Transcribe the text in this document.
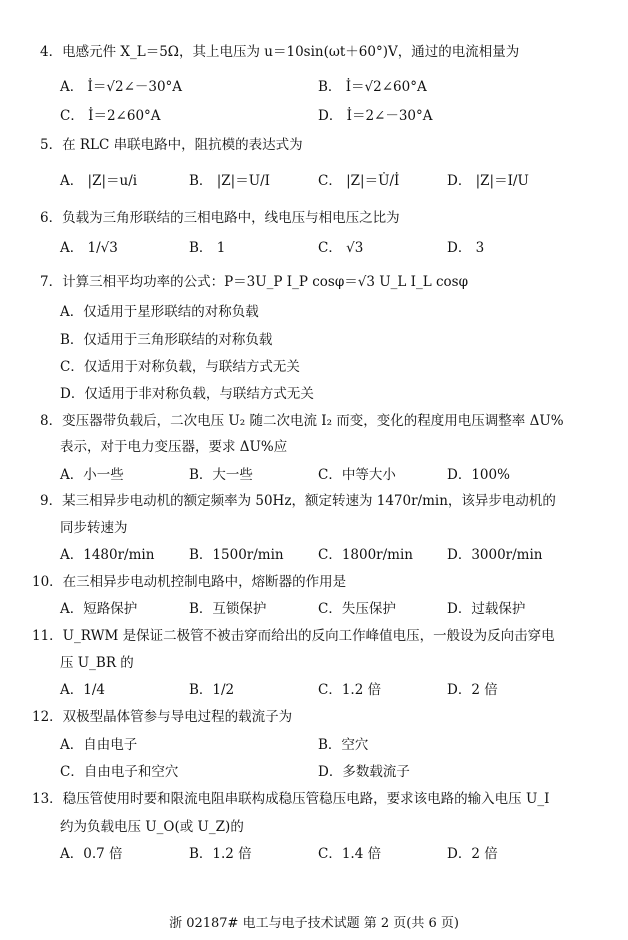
4．电感元件 X_L＝5Ω，其上电压为 u＝10sin(ωt＋60°)V，通过的电流相量为
A． İ＝√2∠－30°A	B． İ＝√2∠60°A
C． İ＝2∠60°A	D． İ＝2∠－30°A
5．在 RLC 串联电路中，阻抗模的表达式为
A． |Z|＝u/i	B． |Z|＝U/I	C． |Z|＝U̇/İ	D． |Z|＝I/U
6．负载为三角形联结的三相电路中，线电压与相电压之比为
A． 1/√3	B． 1	C． √3	D． 3
7．计算三相平均功率的公式：P＝3U_P I_P cosφ＝√3 U_L I_L cosφ
A．仅适用于星形联结的对称负载
B．仅适用于三角形联结的对称负载
C．仅适用于对称负载，与联结方式无关
D．仅适用于非对称负载，与联结方式无关
8．变压器带负载后，二次电压 U₂ 随二次电流 I₂ 而变，变化的程度用电压调整率 ΔU%
表示，对于电力变压器，要求 ΔU%应
A．小一些	B．大一些	C．中等大小	D．100%
9．某三相异步电动机的额定频率为 50Hz，额定转速为 1470r/min，该异步电动机的
同步转速为
A．1480r/min	B．1500r/min	C．1800r/min	D．3000r/min
10．在三相异步电动机控制电路中，熔断器的作用是
A．短路保护	B．互锁保护	C．失压保护	D．过载保护
11．U_RWM 是保证二极管不被击穿而给出的反向工作峰值电压，一般设为反向击穿电
压 U_BR 的
A．1/4	B．1/2	C．1.2 倍	D．2 倍
12．双极型晶体管参与导电过程的载流子为
A．自由电子	B．空穴
C．自由电子和空穴	D．多数载流子
13．稳压管使用时要和限流电阻串联构成稳压管稳压电路，要求该电路的输入电压 U_I
约为负载电压 U_O(或 U_Z)的
A．0.7 倍	B．1.2 倍	C．1.4 倍	D．2 倍
浙 02187# 电工与电子技术试题 第 2 页(共 6 页)
